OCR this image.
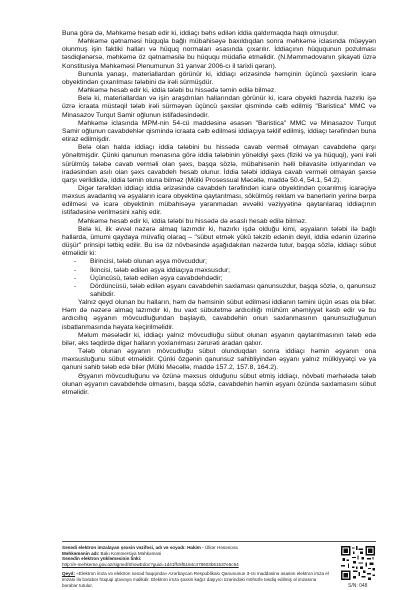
Buna görə də, Məhkəmə hesab edir ki, iddiaçı bəhs edilən iddia qaldırmaqda haqlı olmuşdur.

Məhkəmə qətnaməsi hüquqla bağlı mübahisəyə baxıldıqdan sonra məhkəmə iclasında müəyyən olunmuş işin faktiki halları və hüquq normaları əsasında çıxarılır. İddiaçının hüququnun pozulması təsdiqlənərsə, məhkəmə öz qətnaməsilə bu hüququ müdafiə etməlidir. (N.Məmmədovanın şikayəti üzrə Konstitusiya Məhkəməsi Plenumunun 31 yanvar 2006-cı il tarixli qərarı).

Bununla yanaşı, materiallardan görünür ki, iddiaçı ərizəsində həmçinin üçüncü şəxslərin icarə obyektindən çıxarılması tələbini də irəli sürmüşdür.

Məhkəmə hesab edir ki, iddia tələbi bu hissədə təmin edilə bilməz.

Belə ki, materiallardan və işin araşdırılan hallarından görünür ki, icarə obyekti hazırda hazırkı işə üzrə icraata müstəqil tələb irəli sürməyən üçüncü şəxslər qismində cəlb edilmiş "Baristica" MMC və Minasazov Turqut Samir oğlunun istifadəsindədir.

Məhkəmə iclasında MPM-nin 54-cü maddəsinə əsasən "Baristica" MMC və Minasazov Turqut Samir oğlunun cavabdehlər qismində icraata cəlb edilməsi iddiaçıya təklif edilmiş, iddiaçı tərəfindən buna etiraz edilmişdir.

Belə olan halda iddiaçı iddia tələbini bu hissədə cavab verməli olmayan cavabdehə qarşı yönəltmişdir. Çünki qanunun mənasına görə iddia tələbinin yönəldiyi şəxs (fiziki və ya hüquqi), yəni irəli sürülmüş tələbə cavab verməli olan şəxs, başqa sözlə, mübahisənin həlli bilavasitə ixtiyarından və iradəsindən asılı olan şəxs cavabdeh hesab olunur. İddia tələbi iddiaya cavab verməli olmayan şəxsə qarşı verildikdə, iddia təmin oluna bilməz (Mülki Prosessual Məcəllə, maddə 50.4, 54.1, 54.2).

Digər tərəfdən iddiaçı iddia ərizəsində cavabdeh tərəfindən icarə obyektindən çıxarılmış icarəçiyə məxsus avadanlıq və əşyaların icarə obyektinə qaytarılması, sökülmüş reklam və banerlərin yerinə bərpa edilməsi və icarə obyektinin mübahisəyə yaranmadan əvvəlki vəziyyətinə qaytarılaraq iddiaçının istifadəsinə verilməsini xahiş edir.

Məhkəmə hesab edir ki, iddia tələbi bu hissədə də əsaslı hesab edilə bilməz.

Belə ki, ilk əvvəl nəzərə almaq lazımdır ki, hazırkı işdə olduğu kimi, əşyaların tələbi ilə bağlı hallarda, ümumi qaydaya müvafiq olaraq – "sübut etmək yükü təkzib edənin deyil, iddia edənin üzərinə düşür" prinsipi tətbiq edilir. Bu isə öz növbəsində aşağıdakıları nəzərdə tutur, başqa sözlə, iddiaçı sübut etməlidir ki:

- Birincisi, tələb olunan əşya mövcuddur;
- İkincisi, tələb edilən əşya iddiaçıya məxsusdur;
- Üçüncüsü, tələb edilən əşya cavabdehdədir;
- Dördüncüsü, tələb edilən əşyanı cavabdehin saxlaması qanunsuzdur, başqa sözlə, o, qanunsuz sahibdir.

Yalnız qeyd olunan bu halların, həm də həmsinin sübut edilməsi iddianın təmini üçün əsas ola bilər. Həm də nəzərə almaq lazımdır ki, bu vaxt sübutetmə ardıcıllığı mühüm əhəmiyyət kəsb edir və bu ardıcıllıq əşyanın mövcudluğundan başlayıb, cavabdehin onun saxlanmasının qanunsuzluğunun isbatlanmasında həyata keçirilməlidir.

Məlum məsələdir ki, iddiaçı yalnız mövcudluğu sübut olunan əşyanın qaytarılmasının tələb edə bilər, əks təqdirdə digər halların yoxlanılması zərurəti aradan qalxır.

Tələb olunan əşyanın mövcudluğu sübut olunduqdan sonra iddiaçı həmin əşyanın ona məxsusluğunu sübut etməlidir. Çünki özgənin qanunsuz sahibliyindən əşyanı yalnız mülkiyyətçi və ya qanuni sahib tələb edə bilər (Mülki Məcəllə, maddə 157.2, 157.8, 164.2).

Əşyanın mövcudluğunu və özünə məxsus olduğunu sübut etmiş iddiaçı, növbəti mərhələdə tələb olunan əşyanın cavabdehdə olmasını, başqa sözlə, cavabdehin həmin əşyanı özündə saxlamasını sübut etməlidir.

Sənədi elektron imzalayan şəxsin vəzifəsi, adı və soyadı: Hakim - Ülkər Həsənova
Məhkəmənin adı: Bakı Kommersiya Məhkəməsi
Sənədin elektron yükləməsinin linki:
http://e-mehkeme.gov.az/signed/ShowEdoc?guid=1d41ffc5f5164c478603b61537e5c54
Qeyd: «Elektron imza və elektron sənəd haqqında» Azərbaycan Respublikası Qanununun 3-cü maddəsinə əsasən elektron imza el imzası ilə bərabər hüquqi qüvvəyə malikdir. Elektron imza şəxsin kağız daşıyıcı üzərindəki möhürlə təsdiq edilmiş əl imzasına bərabər tutulur.	S/N: 048
